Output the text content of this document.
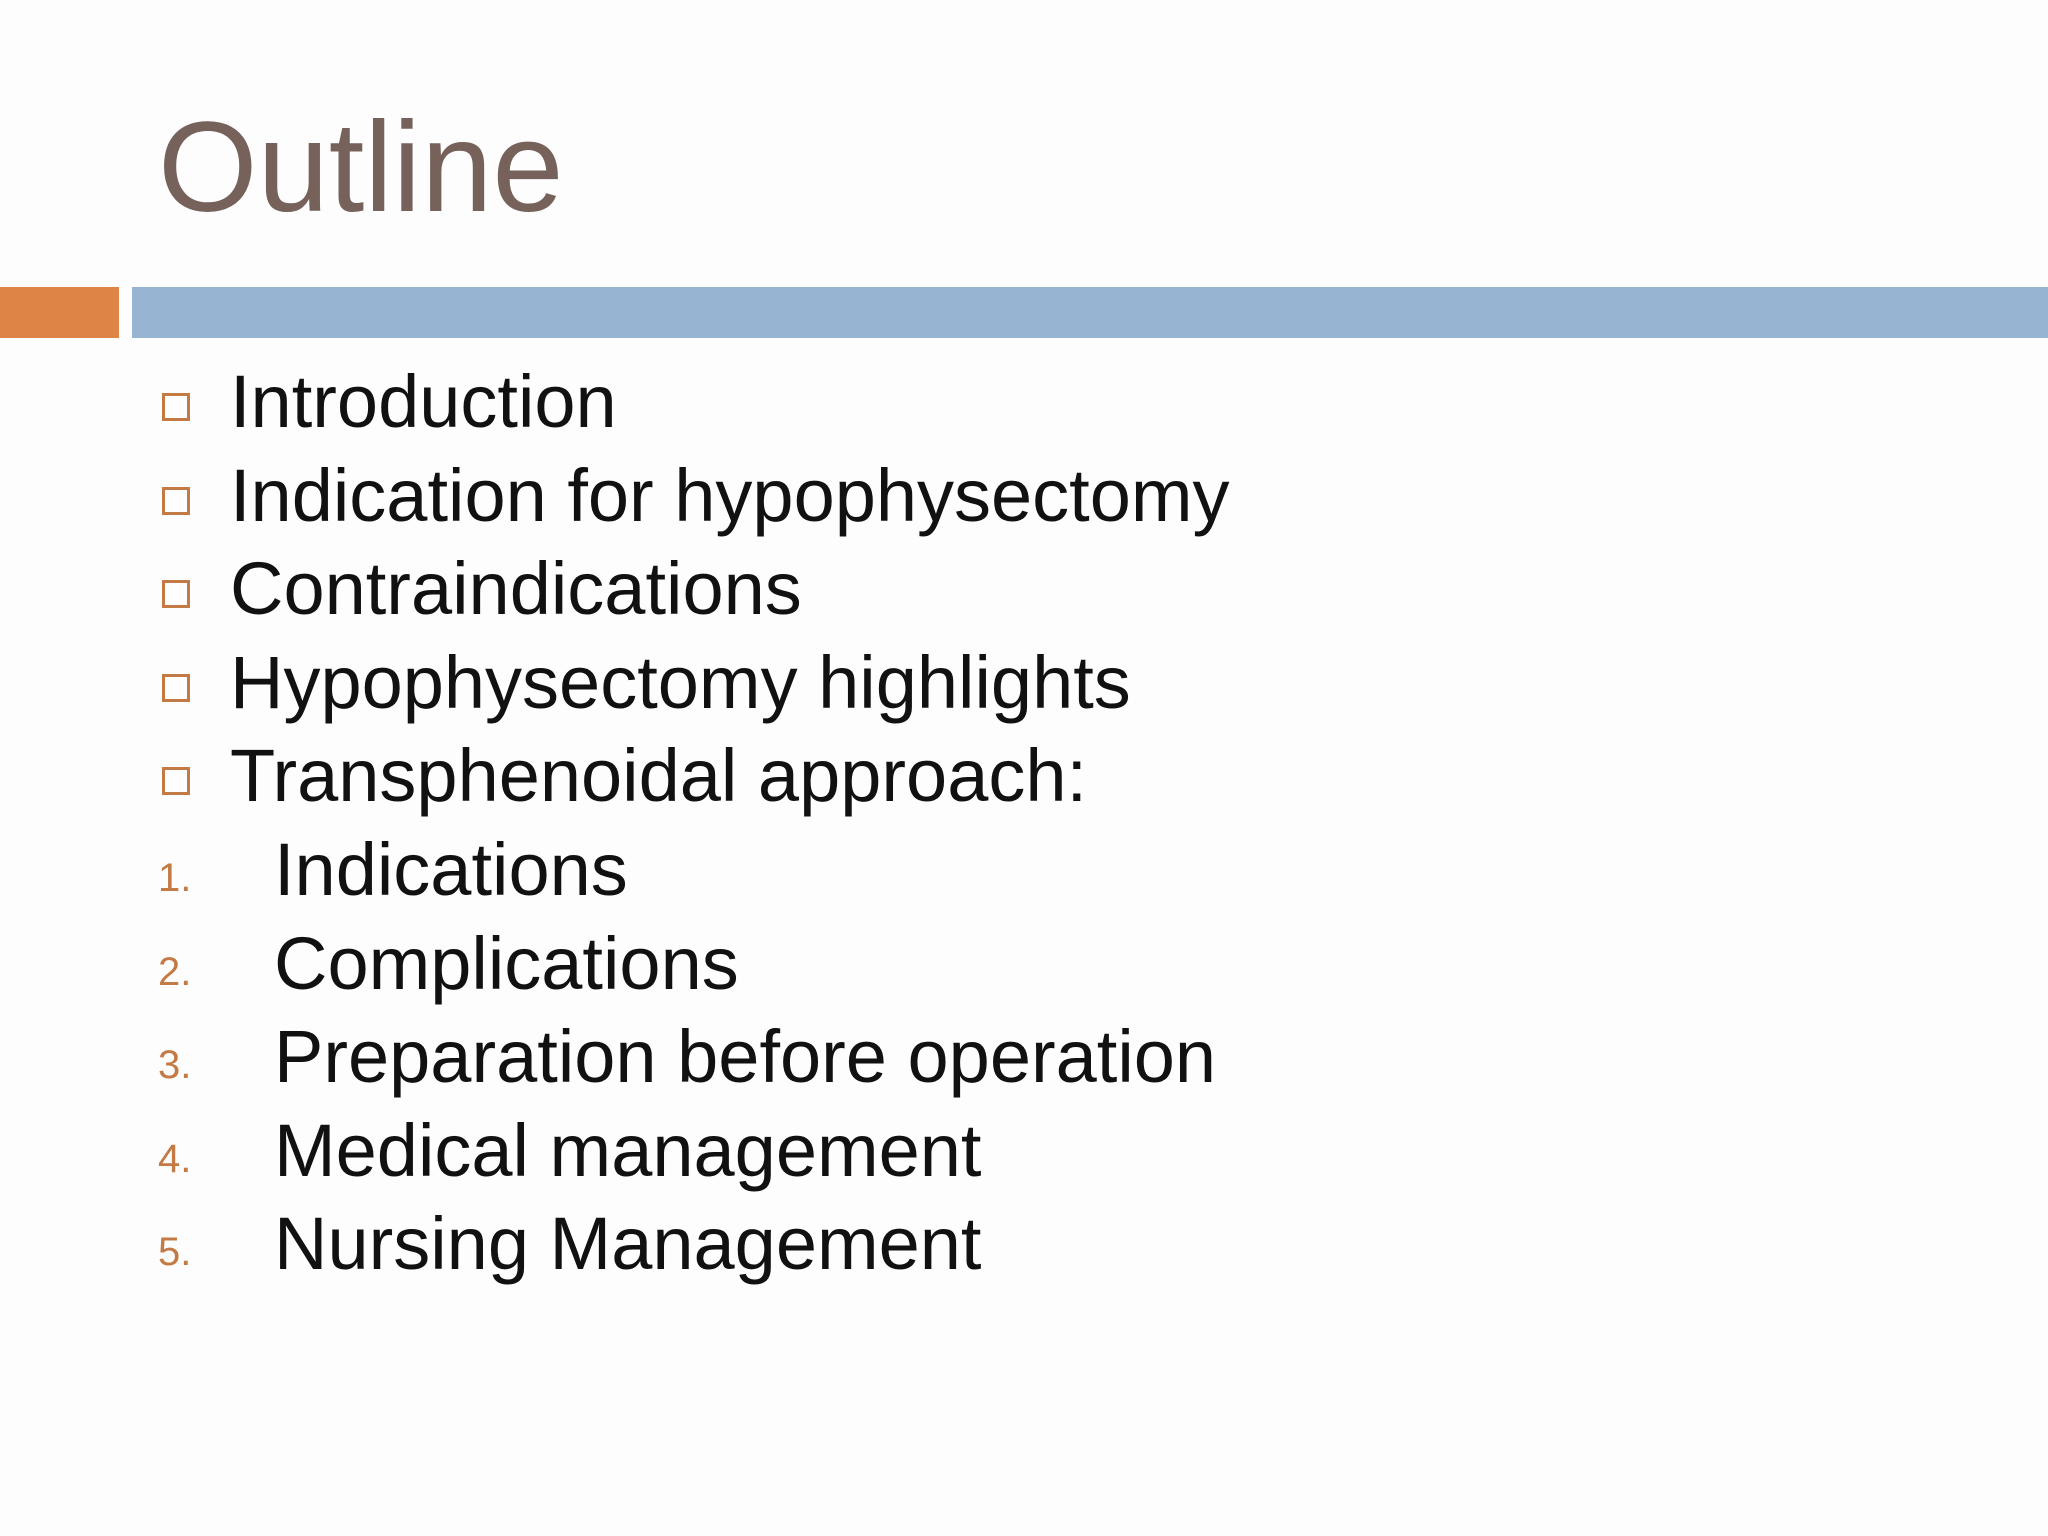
Outline
Introduction
Indication for hypophysectomy
Contraindications
Hypophysectomy highlights
Transphenoidal approach:
1. Indications
2. Complications
3. Preparation before operation
4. Medical management
5. Nursing Management
